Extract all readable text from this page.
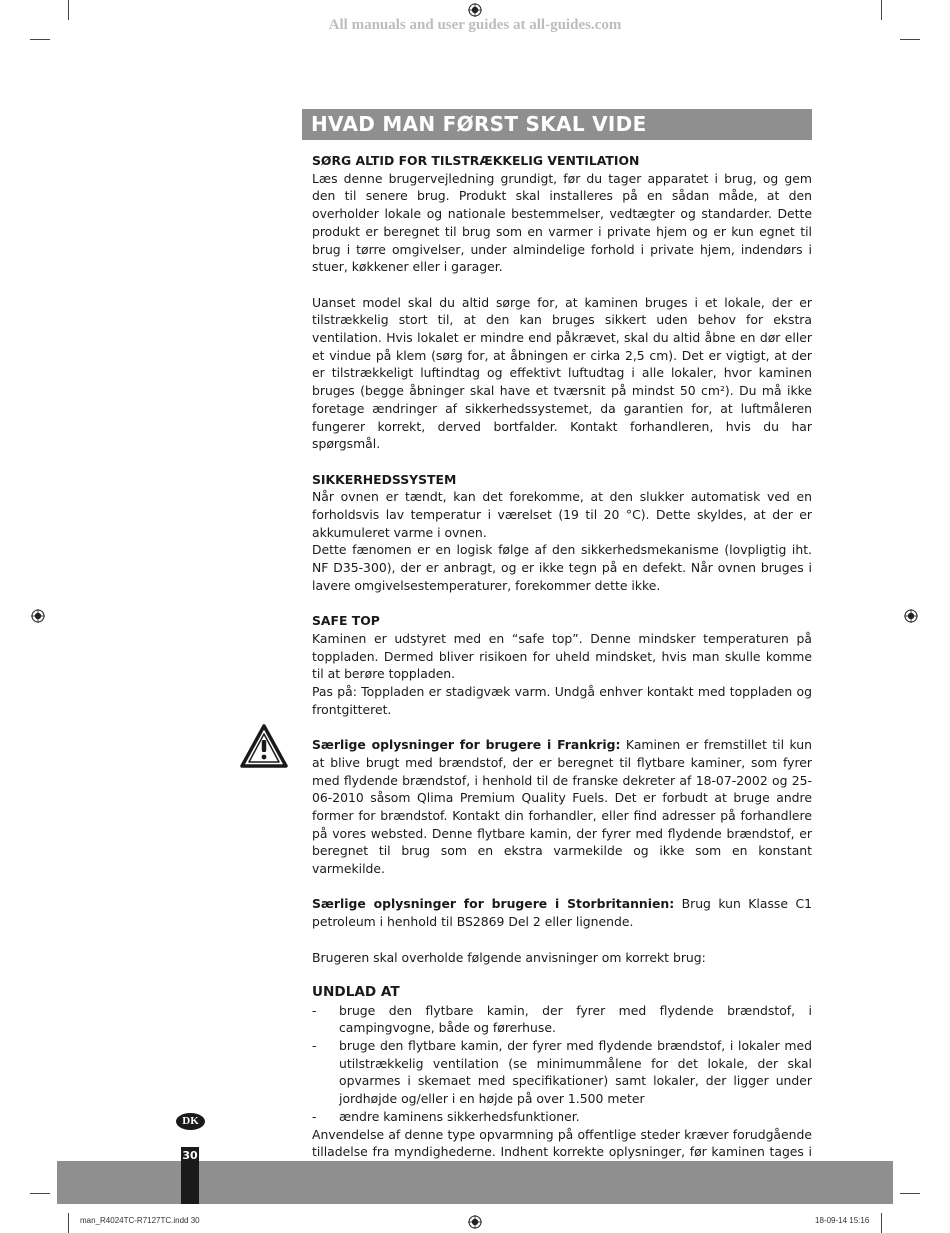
All manuals and user guides at all-guides.com
HVAD MAN FØRST SKAL VIDE
SØRG ALTID FOR TILSTRÆKKELIG VENTILATION

Læs denne brugervejledning grundigt, før du tager apparatet i brug, og gem den til senere brug. Produkt skal installeres på en sådan måde, at den overholder lokale og nationale bestemmelser, vedtægter og standarder. Dette produkt er beregnet til brug som en varmer i private hjem og er kun egnet til brug i tørre omgivelser, under almindelige forhold i private hjem, indendørs i stuer, køkkener eller i garager.

Uanset model skal du altid sørge for, at kaminen bruges i et lokale, der er tilstrækkelig stort til, at den kan bruges sikkert uden behov for ekstra ventilation. Hvis lokalet er mindre end påkrævet, skal du altid åbne en dør eller et vindue på klem (sørg for, at åbningen er cirka 2,5 cm). Det er vigtigt, at der er tilstrækkeligt luftindtag og effektivt luftudtag i alle lokaler, hvor kaminen bruges (begge åbninger skal have et tværsnit på mindst 50 cm²). Du må ikke foretage ændringer af sikkerhedssystemet, da garantien for, at luftmåleren fungerer korrekt, derved bortfalder. Kontakt forhandleren, hvis du har spørgsmål.

SIKKERHEDSSYSTEM

Når ovnen er tændt, kan det forekomme, at den slukker automatisk ved en forholdsvis lav temperatur i værelset (19 til 20 °C). Dette skyldes, at der er akkumuleret varme i ovnen.

Dette fænomen er en logisk følge af den sikkerhedsmekanisme (lovpligtig iht. NF D35-300), der er anbragt, og er ikke tegn på en defekt. Når ovnen bruges i lavere omgivelsestemperaturer, forekommer dette ikke.

SAFE TOP

Kaminen er udstyret med en “safe top”. Denne mindsker temperaturen på toppladen. Dermed bliver risikoen for uheld mindsket, hvis man skulle komme til at berøre toppladen.

Pas på: Toppladen er stadigvæk varm. Undgå enhver kontakt med toppladen og frontgitteret.

Særlige oplysninger for brugere i Frankrig: Kaminen er fremstillet til kun at blive brugt med brændstof, der er beregnet til flytbare kaminer, som fyrer med flydende brændstof, i henhold til de franske dekreter af 18-07-2002 og 25-06-2010 såsom Qlima Premium Quality Fuels. Det er forbudt at bruge andre former for brændstof. Kontakt din forhandler, eller find adresser på forhandlere på vores websted. Denne flytbare kamin, der fyrer med flydende brændstof, er beregnet til brug som en ekstra varmekilde og ikke som en konstant varmekilde.

Særlige oplysninger for brugere i Storbritannien: Brug kun Klasse C1 petroleum i henhold til BS2869 Del 2 eller lignende.

Brugeren skal overholde følgende anvisninger om korrekt brug:

UNDLAD AT
- bruge den flytbare kamin, der fyrer med flydende brændstof, i campingvogne, både og førerhuse.
- bruge den flytbare kamin, der fyrer med flydende brændstof, i lokaler med utilstrækkelig ventilation (se minimummålene for det lokale, der skal opvarmes i skemaet med specifikationer) samt lokaler, der ligger under jordhøjde og/eller i en højde på over 1.500 meter
- ændre kaminens sikkerhedsfunktioner.

Anvendelse af denne type opvarmning på offentlige steder kræver forudgående tilladelse fra myndighederne. Indhent korrekte oplysninger, før kaminen tages i

DK
30
man_R4024TC-R7127TC.indd 30	18-09-14 15:16
